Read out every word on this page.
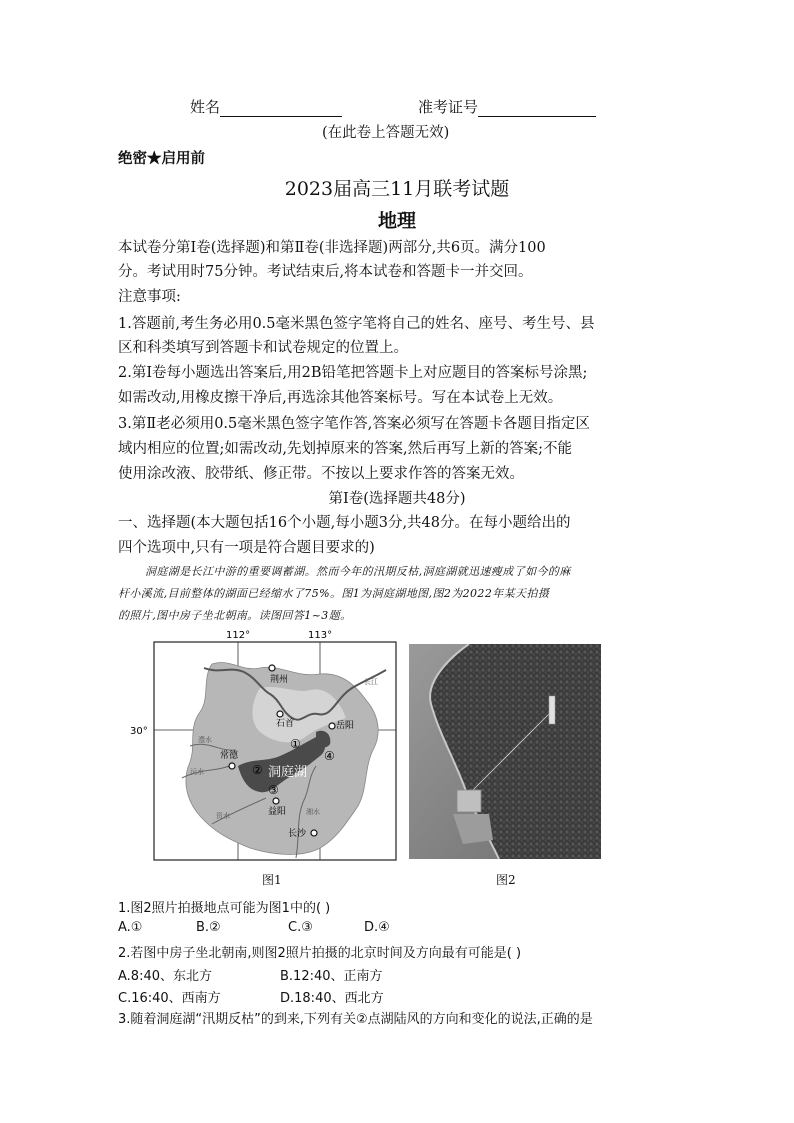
姓名	准考证号
(在此卷上答题无效)
绝密★启用前
2023届高三11月联考试题
地理
本试卷分第Ⅰ卷(选择题)和第Ⅱ卷(非选择题)两部分,共6页。满分100
分。考试用时75分钟。考试结束后,将本试卷和答题卡一并交回。
注意事项:
1.答题前,考生务必用0.5毫米黑色签字笔将自己的姓名、座号、考生号、县
区和科类填写到答题卡和试卷规定的位置上。
2.第Ⅰ卷每小题选出答案后,用2B铅笔把答题卡上对应题目的答案标号涂黑;
如需改动,用橡皮擦干净后,再选涂其他答案标号。写在本试卷上无效。
3.第Ⅱ老必须用0.5毫米黑色签字笔作答,答案必须写在答题卡各题目指定区
域内相应的位置;如需改动,先划掉原来的答案,然后再写上新的答案;不能
使用涂改液、胶带纸、修正带。不按以上要求作答的答案无效。
第Ⅰ卷(选择题共48分)
一、选择题(本大题包括16个小题,每小题3分,共48分。在每小题给出的
四个选项中,只有一项是符合题目要求的)
洞庭湖是长江中游的重要调蓄湖。然而今年的汛期反枯,洞庭湖就迅速瘦成了如今的麻
杆小溪流,目前整体的湖面已经缩水了75%。图1为洞庭湖地图,图2为2022年某天拍摄
的照片,图中房子坐北朝南。读图回答1~3题。
112°	113°
30°
荆州
石首	岳阳
常德
益阳
长沙
洞庭湖
长江
澧水
沅水
资水	湘水
①
②
③
④
图1	图2
1.图2照片拍摄地点可能为图1中的( )
A.①	B.②	C.③	D.④
2.若图中房子坐北朝南,则图2照片拍摄的北京时间及方向最有可能是( )
A.8:40、东北方	B.12:40、正南方
C.16:40、西南方	D.18:40、西北方
3.随着洞庭湖“汛期反枯”的到来,下列有关②点湖陆风的方向和变化的说法,正确的是
